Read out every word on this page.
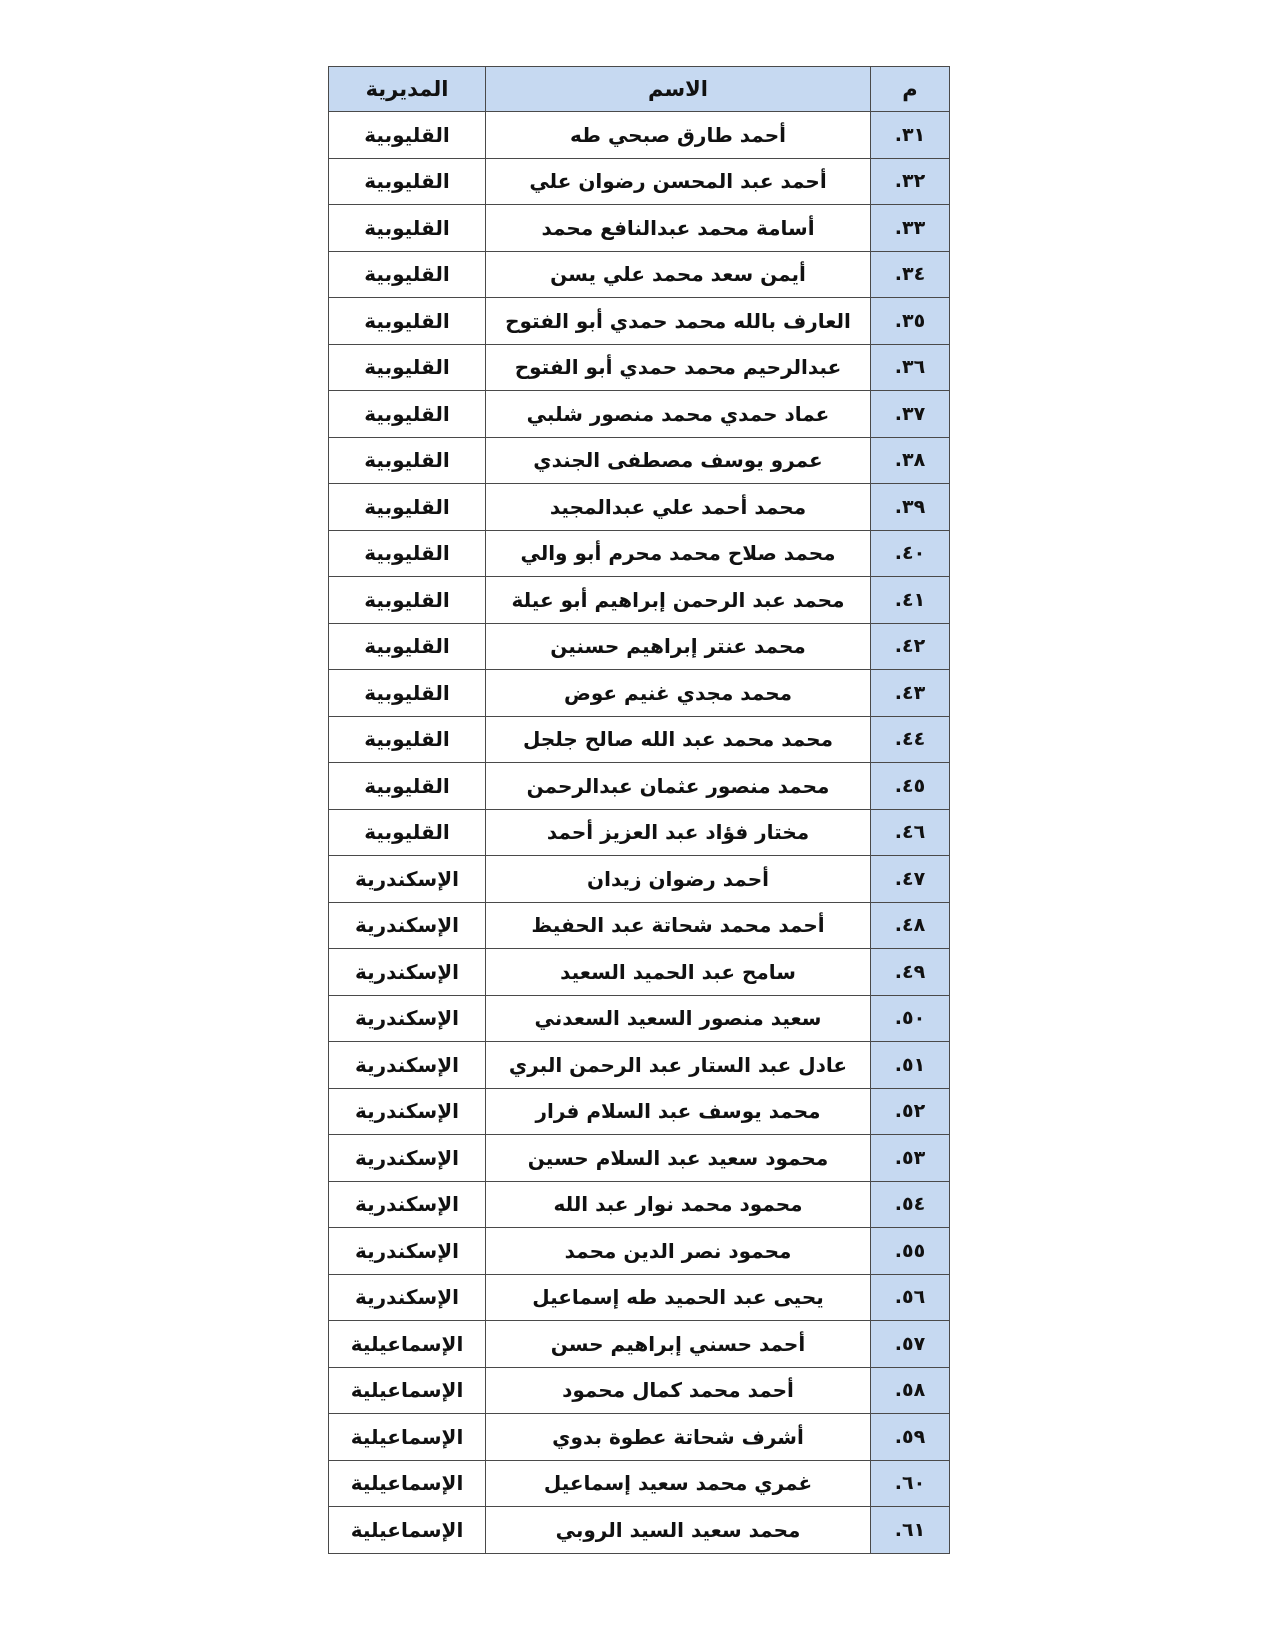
م	الاسم	المديرية
٣١.	أحمد طارق صبحي طه	القليوبية
٣٢.	أحمد عبد المحسن رضوان علي	القليوبية
٣٣.	أسامة محمد عبدالنافع محمد	القليوبية
٣٤.	أيمن سعد محمد علي يسن	القليوبية
٣٥.	العارف بالله محمد حمدي أبو الفتوح	القليوبية
٣٦.	عبدالرحيم محمد حمدي أبو الفتوح	القليوبية
٣٧.	عماد حمدي محمد منصور شلبي	القليوبية
٣٨.	عمرو يوسف مصطفى الجندي	القليوبية
٣٩.	محمد أحمد علي عبدالمجيد	القليوبية
٤٠.	محمد صلاح محمد محرم أبو والي	القليوبية
٤١.	محمد عبد الرحمن إبراهيم أبو عيلة	القليوبية
٤٢.	محمد عنتر إبراهيم حسنين	القليوبية
٤٣.	محمد مجدي غنيم عوض	القليوبية
٤٤.	محمد محمد عبد الله صالح جلجل	القليوبية
٤٥.	محمد منصور عثمان عبدالرحمن	القليوبية
٤٦.	مختار فؤاد عبد العزيز أحمد	القليوبية
٤٧.	أحمد رضوان زيدان	الإسكندرية
٤٨.	أحمد محمد شحاتة عبد الحفيظ	الإسكندرية
٤٩.	سامح عبد الحميد السعيد	الإسكندرية
٥٠.	سعيد منصور السعيد السعدني	الإسكندرية
٥١.	عادل عبد الستار عبد الرحمن البري	الإسكندرية
٥٢.	محمد يوسف عبد السلام فرار	الإسكندرية
٥٣.	محمود سعيد عبد السلام حسين	الإسكندرية
٥٤.	محمود محمد نوار عبد الله	الإسكندرية
٥٥.	محمود نصر الدين محمد	الإسكندرية
٥٦.	يحيى عبد الحميد طه إسماعيل	الإسكندرية
٥٧.	أحمد حسني إبراهيم حسن	الإسماعيلية
٥٨.	أحمد محمد كمال محمود	الإسماعيلية
٥٩.	أشرف شحاتة عطوة بدوي	الإسماعيلية
٦٠.	غمري محمد سعيد إسماعيل	الإسماعيلية
٦١.	محمد سعيد السيد الروبي	الإسماعيلية
